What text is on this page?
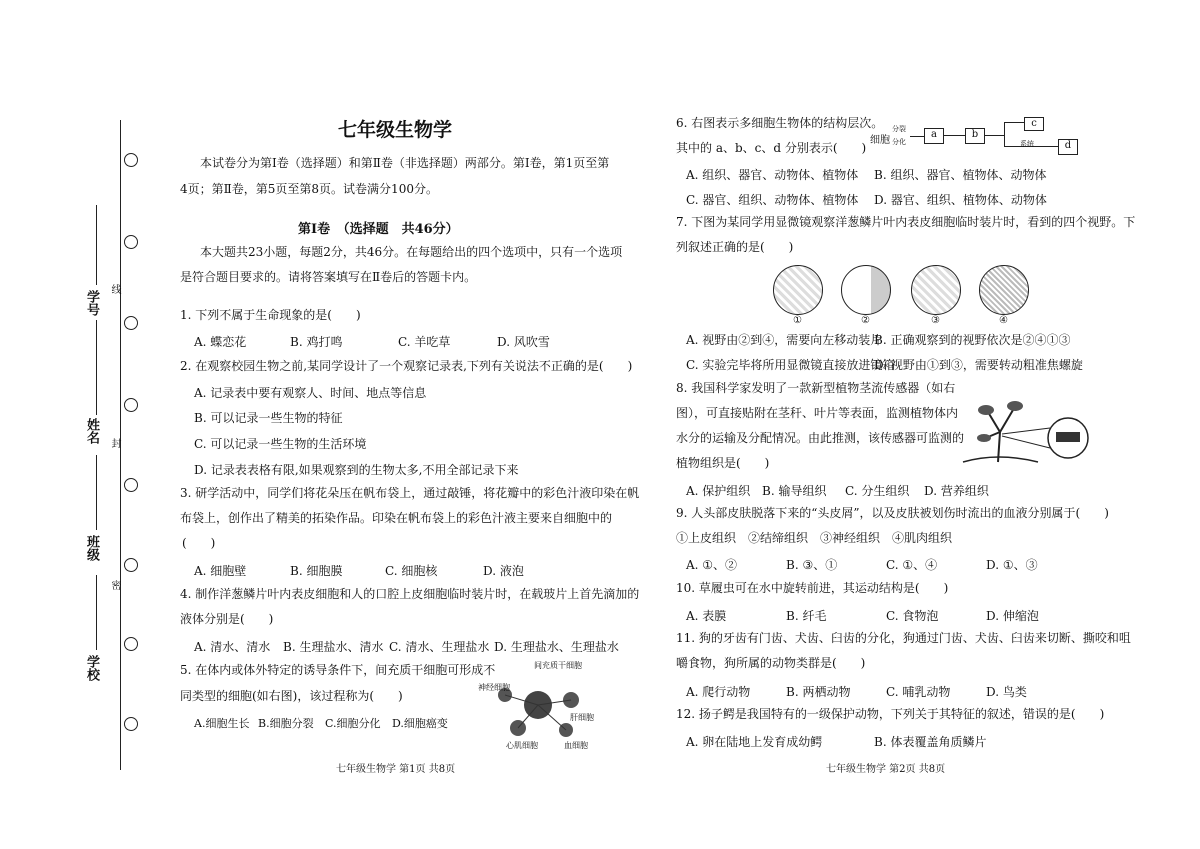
线
封
密
学号
姓名
班级
学校
七年级生物学
本试卷分为第Ⅰ卷（选择题）和第Ⅱ卷（非选择题）两部分。第Ⅰ卷，第1页至第
4页；第Ⅱ卷，第5页至第8页。试卷满分100分。
第Ⅰ卷　（选择题　共46分）
本大题共23小题，每题2分，共46分。在每题给出的四个选项中，只有一个选项
是符合题目要求的。请将答案填写在Ⅱ卷后的答题卡内。
1. 下列不属于生命现象的是(　　)
A. 蝶恋花	B. 鸡打鸣	C. 羊吃草	D. 风吹雪
2. 在观察校园生物之前,某同学设计了一个观察记录表,下列有关说法不正确的是(　　)
A. 记录表中要有观察人、时间、地点等信息
B. 可以记录一些生物的特征
C. 可以记录一些生物的生活环境
D. 记录表表格有限,如果观察到的生物太多,不用全部记录下来
3. 研学活动中，同学们将花朵压在帆布袋上，通过敲锤，将花瓣中的彩色汁液印染在帆
布袋上，创作出了精美的拓染作品。印染在帆布袋上的彩色汁液主要来自细胞中的
(　　)
A. 细胞壁	B. 细胞膜	C. 细胞核	D. 液泡
4. 制作洋葱鳞片叶内表皮细胞和人的口腔上皮细胞临时装片时，在载玻片上首先滴加的
液体分别是(　　)
A. 清水、清水 B. 生理盐水、清水 C. 清水、生理盐水 D. 生理盐水、生理盐水
5. 在体内或体外特定的诱导条件下，间充质干细胞可形成不
同类型的细胞(如右图)，该过程称为(　　)
A.细胞生长 B.细胞分裂 C.细胞分化 D.细胞癌变
间充质干细胞
神经细胞
肝细胞
心肌细胞	血细胞
七年级生物学 第1页 共8页
6. 右图表示多细胞生物体的结构层次。
其中的 a、b、c、d 分别表示(　　)
细胞
分裂
分化
a	b
c
系统	d
A. 组织、器官、动物体、植物体 B. 组织、器官、植物体、动物体
C. 器官、组织、动物体、植物体 D. 器官、组织、植物体、动物体
7. 下图为某同学用显微镜观察洋葱鳞片叶内表皮细胞临时装片时，看到的四个视野。下
列叙述正确的是(　　)
①	②	③	④
A. 视野由②到④，需要向左移动装片
B. 正确观察到的视野依次是②④①③
C. 实验完毕将所用显微镜直接放进镜箱
D. 视野由①到③，需要转动粗准焦螺旋
8. 我国科学家发明了一款新型植物茎流传感器（如右
图），可直接贴附在茎秆、叶片等表面，监测植物体内
水分的运输及分配情况。由此推测，该传感器可监测的
植物组织是(　　)
A. 保护组织 B. 输导组织 C. 分生组织 D. 营养组织
9. 人头部皮肤脱落下来的“头皮屑”，以及皮肤被划伤时流出的血液分别属于(　　)
①上皮组织　②结缔组织　③神经组织　④肌肉组织
A. ①、②	B. ③、①	C. ①、④	D. ①、③
10. 草履虫可在水中旋转前进，其运动结构是(　　)
A. 表膜	B. 纤毛	C. 食物泡	D. 伸缩泡
11. 狗的牙齿有门齿、犬齿、臼齿的分化，狗通过门齿、犬齿、臼齿来切断、撕咬和咀
嚼食物，狗所属的动物类群是(　　)
A. 爬行动物	B. 两栖动物	C. 哺乳动物	D. 鸟类
12. 扬子鳄是我国特有的一级保护动物，下列关于其特征的叙述，错误的是(　　)
A. 卵在陆地上发育成幼鳄	B. 体表覆盖角质鳞片
七年级生物学 第2页 共8页
